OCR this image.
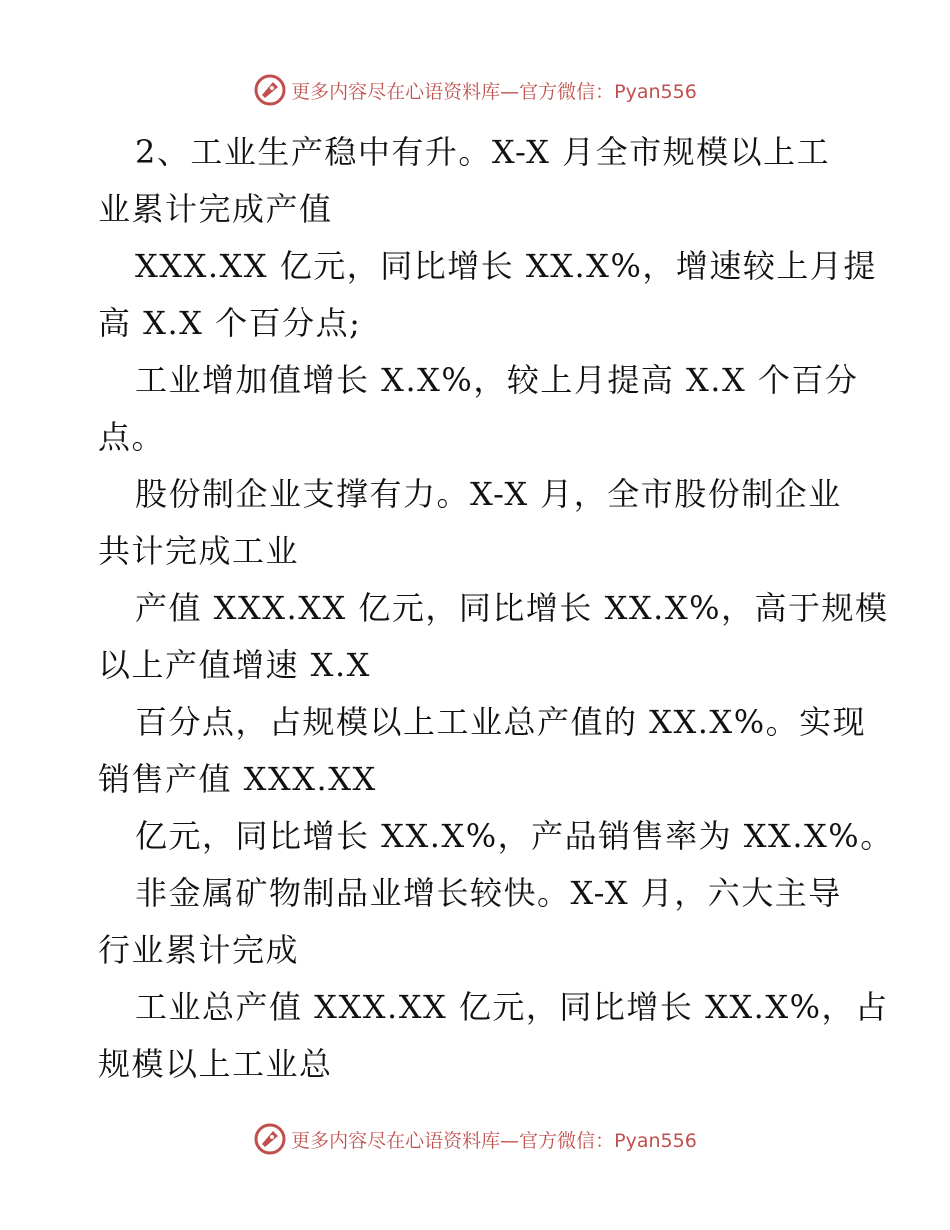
更多内容尽在心语资料库—官方微信：Pyan556
2、工业生产稳中有升。X-X 月全市规模以上工
业累计完成产值
XXX.XX 亿元，同比增长 XX.X%，增速较上月提
高 X.X 个百分点;
工业增加值增长 X.X%，较上月提高 X.X 个百分
点。
股份制企业支撑有力。X-X 月，全市股份制企业
共计完成工业
产值 XXX.XX 亿元，同比增长 XX.X%，高于规模
以上产值增速 X.X
百分点，占规模以上工业总产值的 XX.X%。实现
销售产值 XXX.XX
亿元，同比增长 XX.X%，产品销售率为 XX.X%。
非金属矿物制品业增长较快。X-X 月，六大主导
行业累计完成
工业总产值 XXX.XX 亿元，同比增长 XX.X%，占
规模以上工业总
更多内容尽在心语资料库—官方微信：Pyan556
